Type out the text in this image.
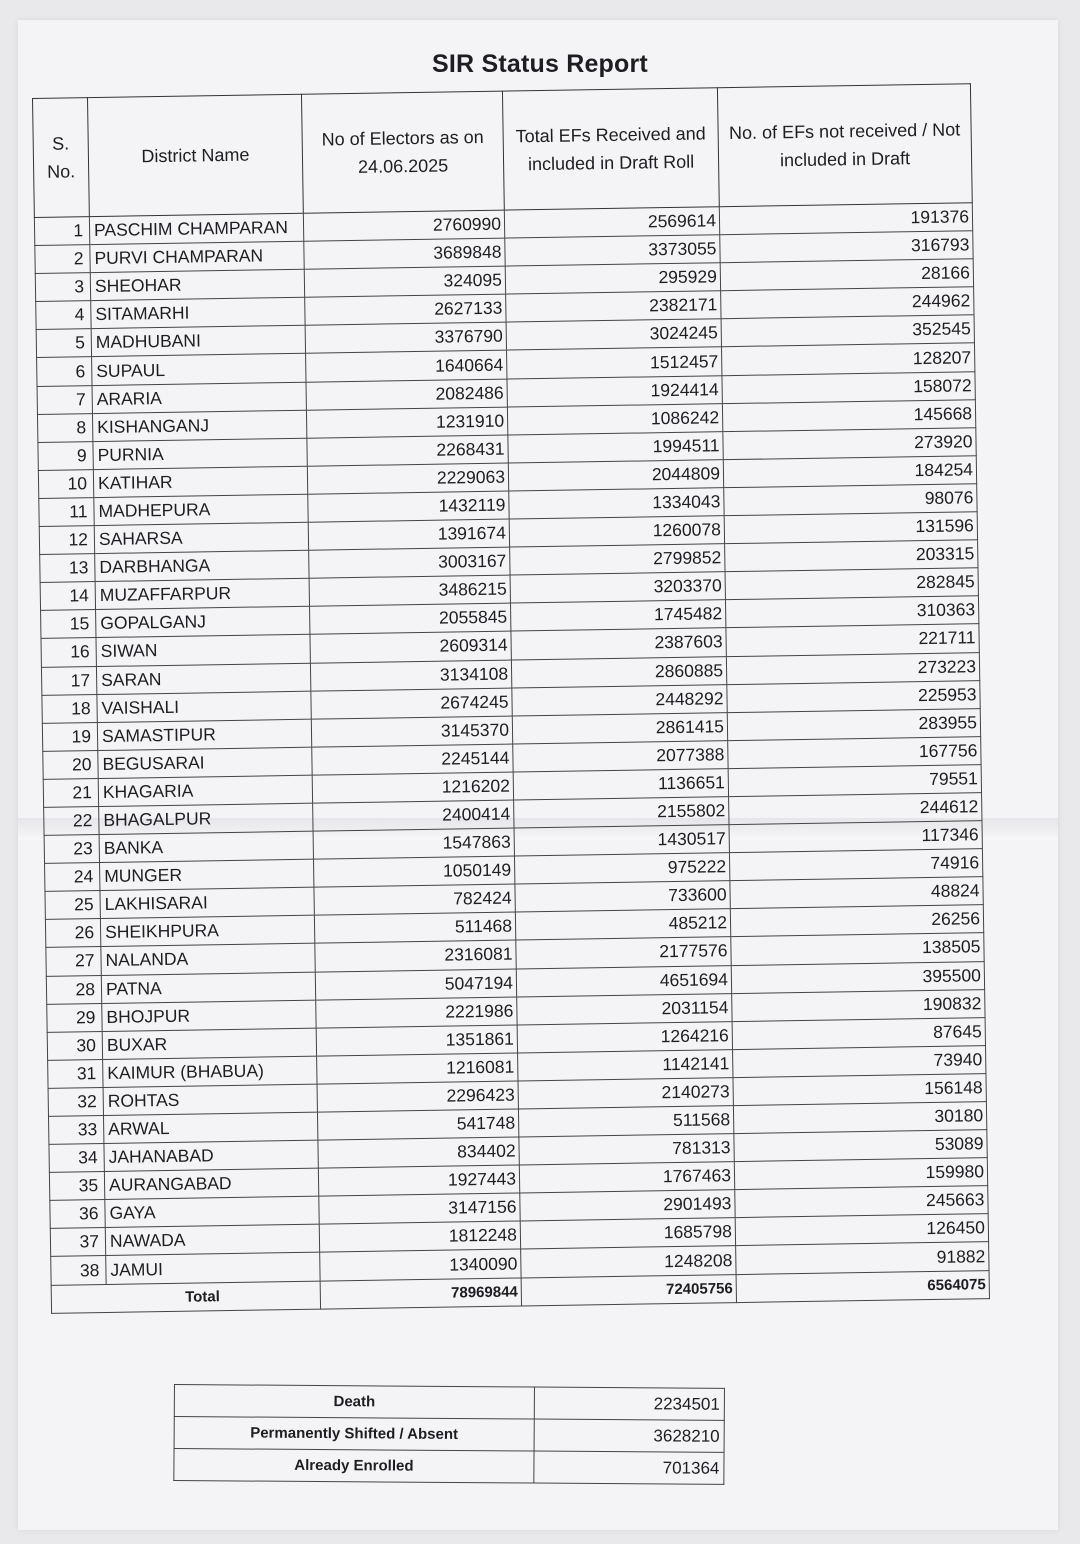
SIR Status Report
S. No.	District Name	No of Electors as on 24.06.2025	Total EFs Received and included in Draft Roll	No. of EFs not received / Not included in Draft
1	PASCHIM CHAMPARAN	2760990	2569614	191376
2	PURVI CHAMPARAN	3689848	3373055	316793
3	SHEOHAR	324095	295929	28166
4	SITAMARHI	2627133	2382171	244962
5	MADHUBANI	3376790	3024245	352545
6	SUPAUL	1640664	1512457	128207
7	ARARIA	2082486	1924414	158072
8	KISHANGANJ	1231910	1086242	145668
9	PURNIA	2268431	1994511	273920
10	KATIHAR	2229063	2044809	184254
11	MADHEPURA	1432119	1334043	98076
12	SAHARSA	1391674	1260078	131596
13	DARBHANGA	3003167	2799852	203315
14	MUZAFFARPUR	3486215	3203370	282845
15	GOPALGANJ	2055845	1745482	310363
16	SIWAN	2609314	2387603	221711
17	SARAN	3134108	2860885	273223
18	VAISHALI	2674245	2448292	225953
19	SAMASTIPUR	3145370	2861415	283955
20	BEGUSARAI	2245144	2077388	167756
21	KHAGARIA	1216202	1136651	79551
22	BHAGALPUR	2400414	2155802	244612
23	BANKA	1547863	1430517	117346
24	MUNGER	1050149	975222	74916
25	LAKHISARAI	782424	733600	48824
26	SHEIKHPURA	511468	485212	26256
27	NALANDA	2316081	2177576	138505
28	PATNA	5047194	4651694	395500
29	BHOJPUR	2221986	2031154	190832
30	BUXAR	1351861	1264216	87645
31	KAIMUR (BHABUA)	1216081	1142141	73940
32	ROHTAS	2296423	2140273	156148
33	ARWAL	541748	511568	30180
34	JAHANABAD	834402	781313	53089
35	AURANGABAD	1927443	1767463	159980
36	GAYA	3147156	2901493	245663
37	NAWADA	1812248	1685798	126450
38	JAMUI	1340090	1248208	91882
Total		78969844	72405756	6564075
Death	2234501
Permanently Shifted / Absent	3628210
Already Enrolled	701364
